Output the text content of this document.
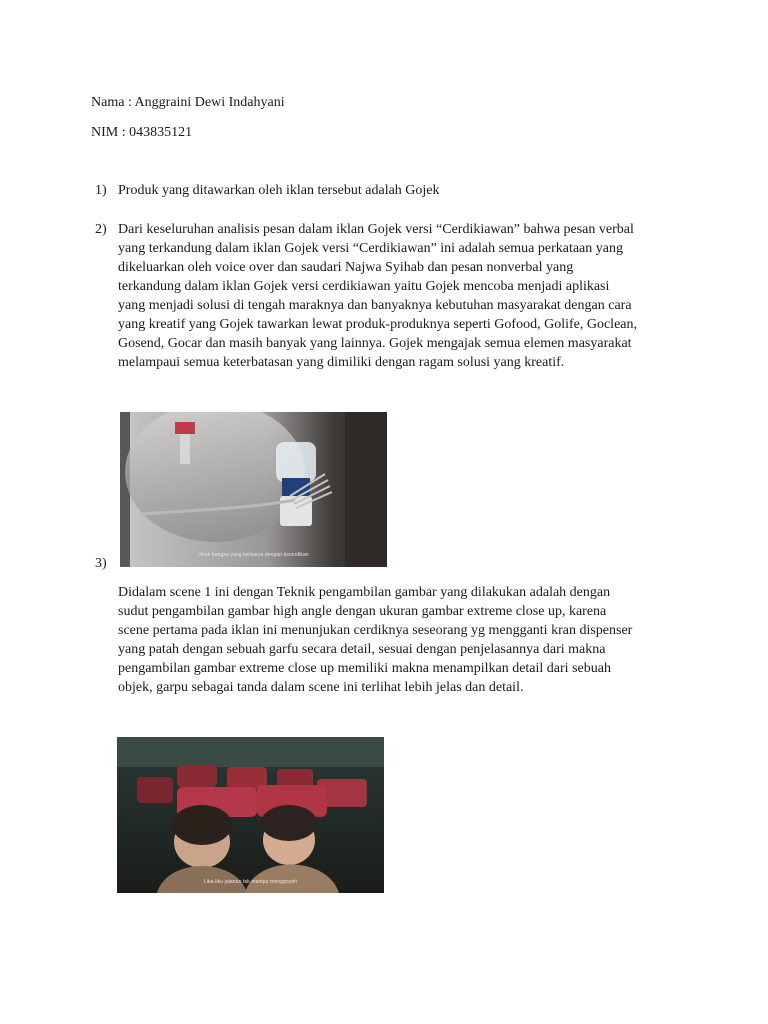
Nama : Anggraini Dewi Indahyani
NIM : 043835121
1) Produk yang ditawarkan oleh iklan tersebut adalah Gojek
2) Dari keseluruhan analisis pesan dalam iklan Gojek versi “Cerdikiawan” bahwa pesan verbal
yang terkandung dalam iklan Gojek versi “Cerdikiawan” ini adalah semua perkataan yang
dikeluarkan oleh voice over dan saudari Najwa Syihab dan pesan nonverbal yang
terkandung dalam iklan Gojek versi cerdikiawan yaitu Gojek mencoba menjadi aplikasi
yang menjadi solusi di tengah maraknya dan banyaknya kebutuhan masyarakat dengan cara
yang kreatif yang Gojek tawarkan lewat produk-produknya seperti Gofood, Golife, Goclean,
Gosend, Gocar dan masih banyak yang lainnya. Gojek mengajak semua elemen masyarakat
melampaui semua keterbatasan yang dimiliki dengan ragam solusi yang kreatif.
Jinak bangsa yang berkarya dengan kecerdikan
3)
Didalam scene 1 ini dengan Teknik pengambilan gambar yang dilakukan adalah dengan
sudut pengambilan gambar high angle dengan ukuran gambar extreme close up, karena
scene pertama pada iklan ini menunjukan cerdiknya seseorang yg mengganti kran dispenser
yang patah dengan sebuah garfu secara detail, sesuai dengan penjelasannya dari makna
pengambilan gambar extreme close up memiliki makna menampilkan detail dari sebuah
objek, garpu sebagai tanda dalam scene ini terlihat lebih jelas dan detail.
Lika-liku jalanan tak mampu menggoyah
